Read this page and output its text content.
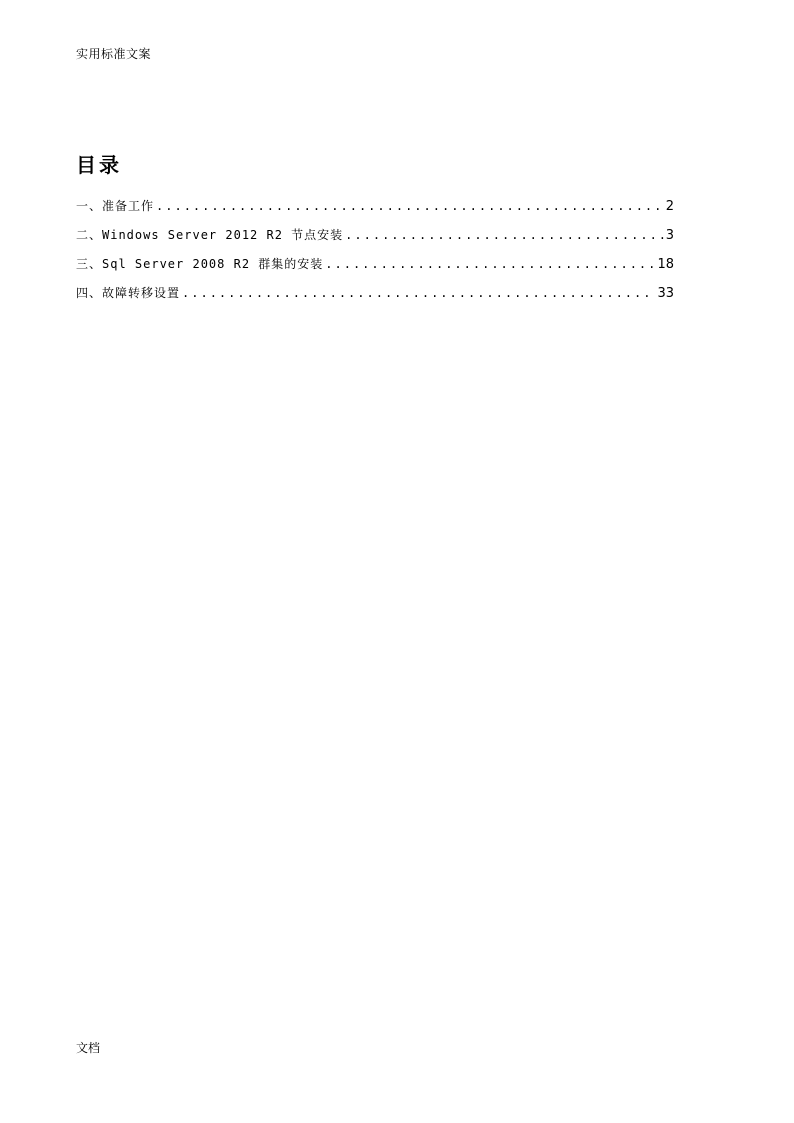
实用标准文案
目录
一、准备工作 .....	2
二、Windows Server 2012 R2 节点安装 .....	3
三、Sql Server 2008 R2 群集的安装 .....	18
四、故障转移设置 .....	33
文档
